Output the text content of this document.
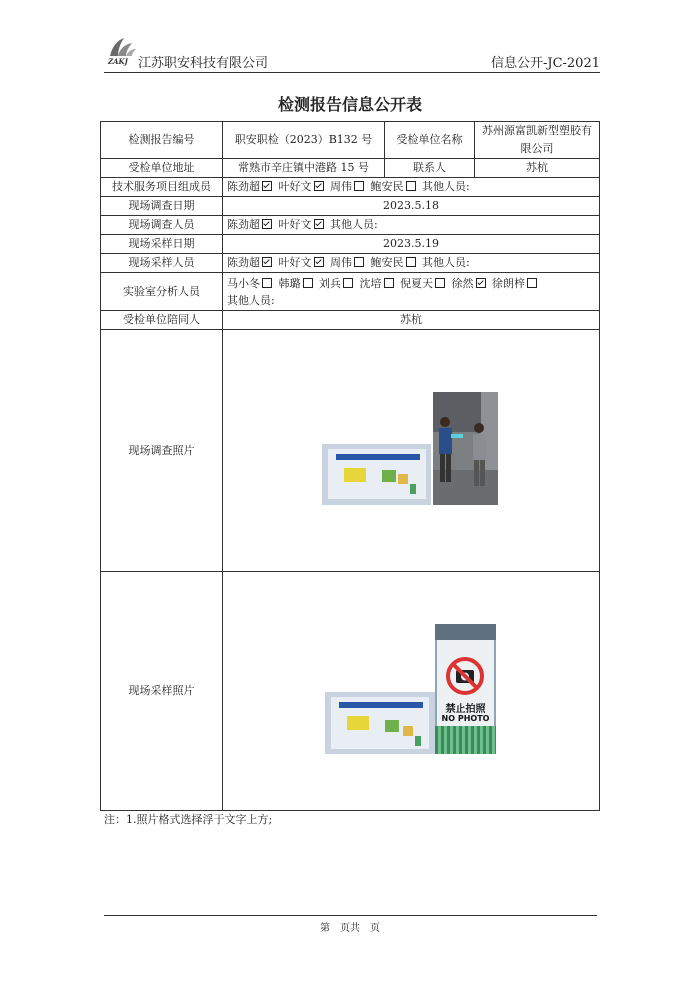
ZAKJ 江苏职安科技有限公司	信息公开-JC-2021
检测报告信息公开表
检测报告编号	职安职检（2023）B132 号	受检单位名称	苏州源富凯新型塑胶有限公司
受检单位地址	常熟市辛庄镇中港路 15 号	联系人	苏杭
技术服务项目组成员	陈劲超 叶好文 周伟 鲍安民 其他人员:		
现场调查日期	2023.5.18		
现场调查人员	陈劲超 叶好文 其他人员:		
现场采样日期	2023.5.19		
现场采样人员	陈劲超 叶好文 周伟 鲍安民 其他人员:		
实验室分析人员	马小冬 韩璐 刘兵 沈培 倪夏天 徐然 徐朗梓
其他人员:		
受检单位陪同人	苏杭		
现场调查照片			
现场采样照片			
禁止拍照
NO PHOTO
注：1.照片格式选择浮于文字上方;
第　页共　页
